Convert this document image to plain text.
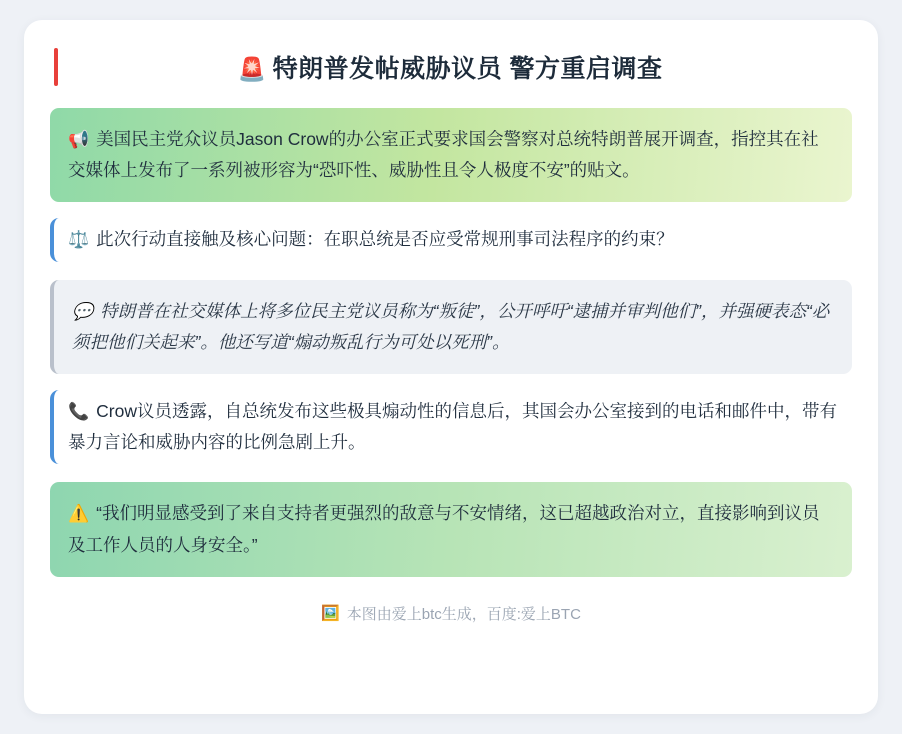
🚨 特朗普发帖威胁议员 警方重启调查
📢 美国民主党众议员Jason Crow的办公室正式要求国会警察对总统特朗普展开调查，指控其在社交媒体上发布了一系列被形容为“恐吓性、威胁性且令人极度不安”的贴文。
⚖️ 此次行动直接触及核心问题：在职总统是否应受常规刑事司法程序的约束？
💬 特朗普在社交媒体上将多位民主党议员称为“叛徒”，公开呼吁“逮捕并审判他们”，并强硬表态“必须把他们关起来”。他还写道“煽动叛乱行为可处以死刑”。
📞 Crow议员透露，自总统发布这些极具煽动性的信息后，其国会办公室接到的电话和邮件中，带有暴力言论和威胁内容的比例急剧上升。
⚠️ “我们明显感受到了来自支持者更强烈的敌意与不安情绪，这已超越政治对立，直接影响到议员及工作人员的人身安全。”
🖼️ 本图由爱上btc生成，百度:爱上BTC
